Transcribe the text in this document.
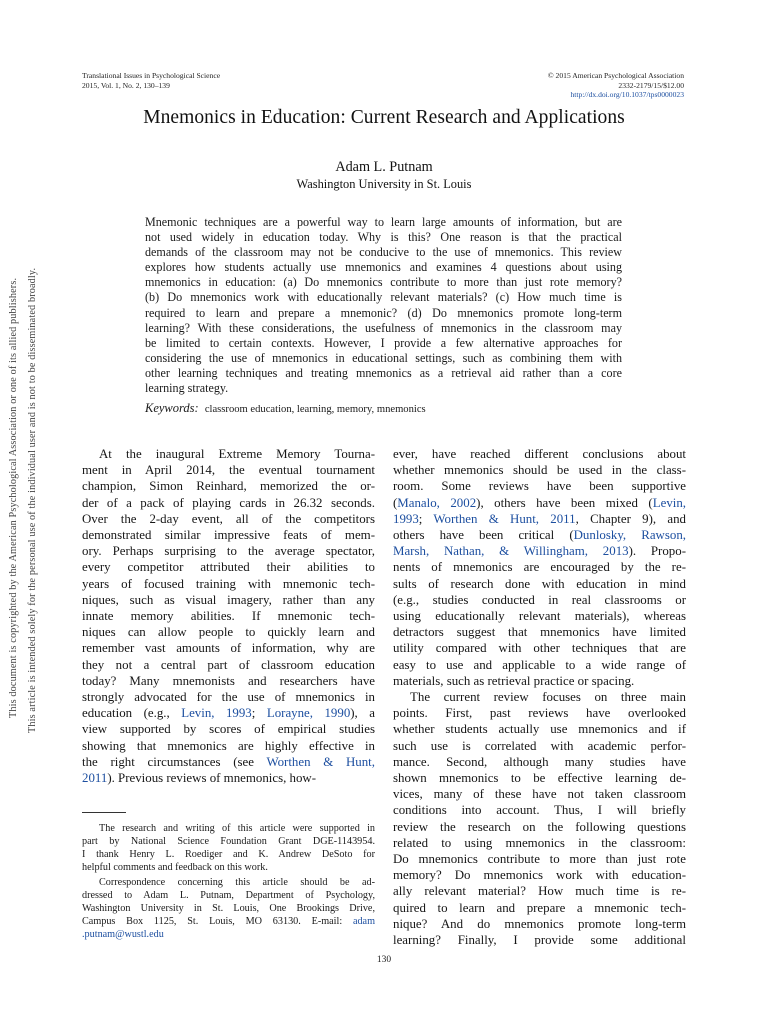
Translational Issues in Psychological Science
2015, Vol. 1, No. 2, 130–139
© 2015 American Psychological Association
2332-2179/15/$12.00
http://dx.doi.org/10.1037/tps0000023
Mnemonics in Education: Current Research and Applications
Adam L. Putnam
Washington University in St. Louis
Mnemonic techniques are a powerful way to learn large amounts of information, but are
not used widely in education today. Why is this? One reason is that the practical
demands of the classroom may not be conducive to the use of mnemonics. This review
explores how students actually use mnemonics and examines 4 questions about using
mnemonics in education: (a) Do mnemonics contribute to more than just rote memory?
(b) Do mnemonics work with educationally relevant materials? (c) How much time is
required to learn and prepare a mnemonic? (d) Do mnemonics promote long-term
learning? With these considerations, the usefulness of mnemonics in the classroom may
be limited to certain contexts. However, I provide a few alternative approaches for
considering the use of mnemonics in educational settings, such as combining them with
other learning techniques and treating mnemonics as a retrieval aid rather than a core
learning strategy.
Keywords: classroom education, learning, memory, mnemonics
At the inaugural Extreme Memory Tourna-
ment in April 2014, the eventual tournament
champion, Simon Reinhard, memorized the or-
der of a pack of playing cards in 26.32 seconds.
Over the 2-day event, all of the competitors
demonstrated similar impressive feats of mem-
ory. Perhaps surprising to the average spectator,
every competitor attributed their abilities to
years of focused training with mnemonic tech-
niques, such as visual imagery, rather than any
innate memory abilities. If mnemonic tech-
niques can allow people to quickly learn and
remember vast amounts of information, why are
they not a central part of classroom education
today? Many mnemonists and researchers have
strongly advocated for the use of mnemonics in
education (e.g., Levin, 1993; Lorayne, 1990), a
view supported by scores of empirical studies
showing that mnemonics are highly effective in
the right circumstances (see Worthen & Hunt,
2011). Previous reviews of mnemonics, how-
The research and writing of this article were supported in
part by National Science Foundation Grant DGE-1143954.
I thank Henry L. Roediger and K. Andrew DeSoto for
helpful comments and feedback on this work.
Correspondence concerning this article should be ad-
dressed to Adam L. Putnam, Department of Psychology,
Washington University in St. Louis, One Brookings Drive,
Campus Box 1125, St. Louis, MO 63130. E-mail: adam
.putnam@wustl.edu
ever, have reached different conclusions about
whether mnemonics should be used in the class-
room. Some reviews have been supportive
(Manalo, 2002), others have been mixed (Levin,
1993; Worthen & Hunt, 2011, Chapter 9), and
others have been critical (Dunlosky, Rawson,
Marsh, Nathan, & Willingham, 2013). Propo-
nents of mnemonics are encouraged by the re-
sults of research done with education in mind
(e.g., studies conducted in real classrooms or
using educationally relevant materials), whereas
detractors suggest that mnemonics have limited
utility compared with other techniques that are
easy to use and applicable to a wide range of
materials, such as retrieval practice or spacing.
The current review focuses on three main
points. First, past reviews have overlooked
whether students actually use mnemonics and if
such use is correlated with academic perfor-
mance. Second, although many studies have
shown mnemonics to be effective learning de-
vices, many of these have not taken classroom
conditions into account. Thus, I will briefly
review the research on the following questions
related to using mnemonics in the classroom:
Do mnemonics contribute to more than just rote
memory? Do mnemonics work with education-
ally relevant material? How much time is re-
quired to learn and prepare a mnemonic tech-
nique? And do mnemonics promote long-term
learning? Finally, I provide some additional
130
This document is copyrighted by the American Psychological Association or one of its allied publishers. This article is intended solely for the personal use of the individual user and is not to be disseminated broadly.
